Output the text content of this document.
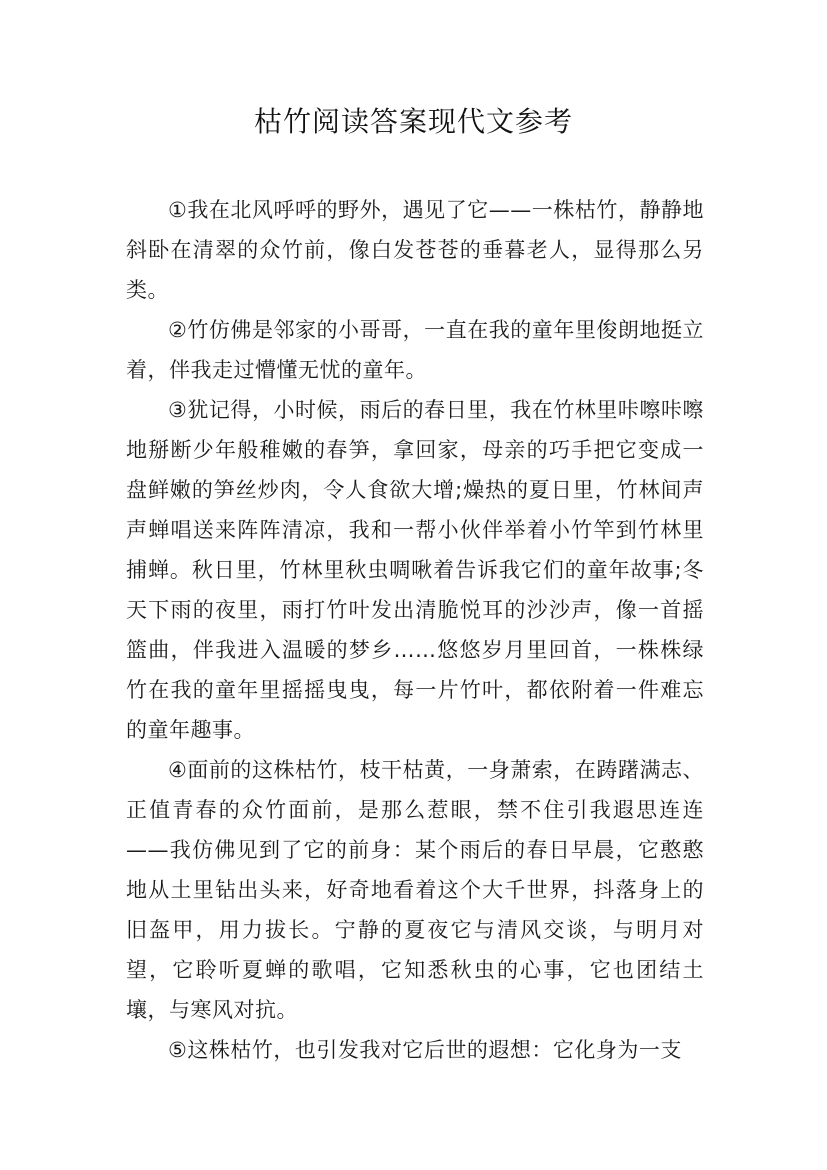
枯竹阅读答案现代文参考

①我在北风呼呼的野外，遇见了它——一株枯竹，静静地斜卧在清翠的众竹前，像白发苍苍的垂暮老人，显得那么另类。

②竹仿佛是邻家的小哥哥，一直在我的童年里俊朗地挺立着，伴我走过懵懂无忧的童年。

③犹记得，小时候，雨后的春日里，我在竹林里咔嚓咔嚓地掰断少年般稚嫩的春笋，拿回家，母亲的巧手把它变成一盘鲜嫩的笋丝炒肉，令人食欲大增;燥热的夏日里，竹林间声声蝉唱送来阵阵清凉，我和一帮小伙伴举着小竹竿到竹林里捕蝉。秋日里，竹林里秋虫啁啾着告诉我它们的童年故事;冬天下雨的夜里，雨打竹叶发出清脆悦耳的沙沙声，像一首摇篮曲，伴我进入温暖的梦乡……悠悠岁月里回首，一株株绿竹在我的童年里摇摇曳曳，每一片竹叶，都依附着一件难忘的童年趣事。

④面前的这株枯竹，枝干枯黄，一身萧索，在踌躇满志、正值青春的众竹面前，是那么惹眼，禁不住引我遐思连连——我仿佛见到了它的前身：某个雨后的春日早晨，它憨憨地从土里钻出头来，好奇地看着这个大千世界，抖落身上的旧盔甲，用力拔长。宁静的夏夜它与清风交谈，与明月对望，它聆听夏蝉的歌唱，它知悉秋虫的心事，它也团结土壤，与寒风对抗。

⑤这株枯竹，也引发我对它后世的遐想：它化身为一支
